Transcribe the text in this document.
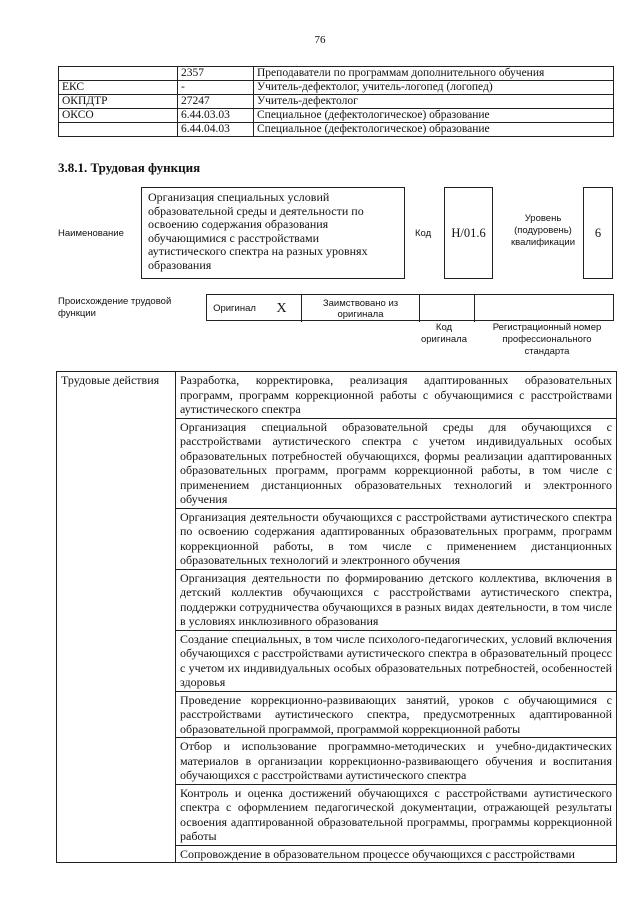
76
	2357	Преподаватели по программам дополнительного обучения
ЕКС	-	Учитель-дефектолог, учитель-логопед (логопед)
ОКПДТР	27247	Учитель-дефектолог
ОКСО	6.44.03.03	Специальное (дефектологическое) образование
	6.44.04.03	Специальное (дефектологическое) образование
3.8.1. Трудовая функция
Наименование
Организация специальных условий образовательной среды и деятельности по освоению содержания образования обучающимися с расстройствами аутистического спектра на разных уровнях образования
Код	H/01.6
Уровень (подуровень) квалификации
6
Происхождение трудовой функции	Оригинал	X	Заимствовано из оригинала
Код оригинала
Регистрационный номер профессионального стандарта
Трудовые действия	Разработка, корректировка, реализация адаптированных образовательных программ, программ коррекционной работы с обучающимися с расстройствами аутистического спектра
Организация специальной образовательной среды для обучающихся с расстройствами аутистического спектра с учетом индивидуальных особых образовательных потребностей обучающихся, формы реализации адаптированных образовательных программ, программ коррекционной работы, в том числе с применением дистанционных образовательных технологий и электронного обучения
Организация деятельности обучающихся с расстройствами аутистического спектра по освоению содержания адаптированных образовательных программ, программ коррекционной работы, в том числе с применением дистанционных образовательных технологий и электронного обучения
Организация деятельности по формированию детского коллектива, включения в детский коллектив обучающихся с расстройствами аутистического спектра, поддержки сотрудничества обучающихся в разных видах деятельности, в том числе в условиях инклюзивного образования
Создание специальных, в том числе психолого-педагогических, условий включения обучающихся с расстройствами аутистического спектра в образовательный процесс с учетом их индивидуальных особых образовательных потребностей, особенностей здоровья
Проведение коррекционно-развивающих занятий, уроков с обучающимися с расстройствами аутистического спектра, предусмотренных адаптированной образовательной программой, программой коррекционной работы
Отбор и использование программно-методических и учебно-дидактических материалов в организации коррекционно-развивающего обучения и воспитания обучающихся с расстройствами аутистического спектра
Контроль и оценка достижений обучающихся с расстройствами аутистического спектра с оформлением педагогической документации, отражающей результаты освоения адаптированной образовательной программы, программы коррекционной работы
Сопровождение в образовательном процессе обучающихся с расстройствами
